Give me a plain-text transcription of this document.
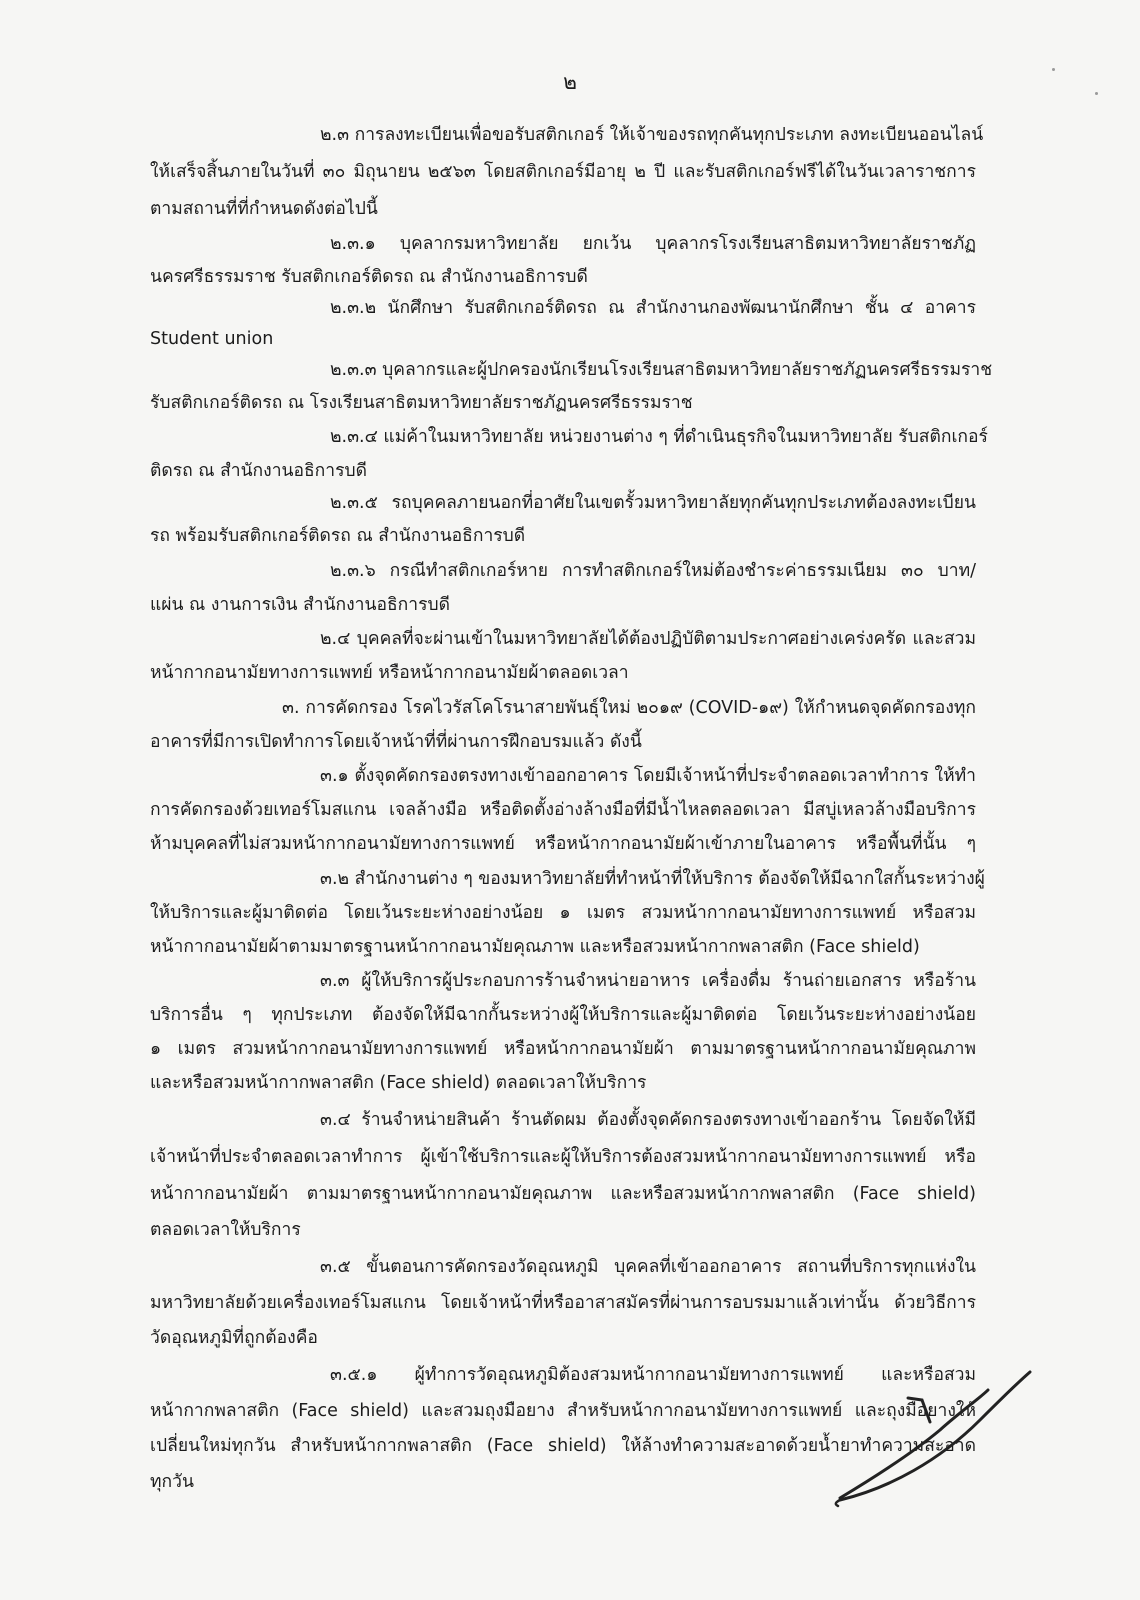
๒
๒.๓ การลงทะเบียนเพื่อขอรับสติกเกอร์ ให้เจ้าของรถทุกคันทุกประเภท ลงทะเบียนออนไลน์
ให้เสร็จสิ้นภายในวันที่ ๓๐ มิถุนายน ๒๕๖๓ โดยสติกเกอร์มีอายุ ๒ ปี และรับสติกเกอร์ฟรีได้ในวันเวลาราชการ
ตามสถานที่ที่กำหนดดังต่อไปนี้
๒.๓.๑ บุคลากรมหาวิทยาลัย ยกเว้น บุคลากรโรงเรียนสาธิตมหาวิทยาลัยราชภัฏ
นครศรีธรรมราช รับสติกเกอร์ติดรถ ณ สำนักงานอธิการบดี
๒.๓.๒ นักศึกษา รับสติกเกอร์ติดรถ ณ สำนักงานกองพัฒนานักศึกษา ชั้น ๔ อาคาร
Student union
๒.๓.๓ บุคลากรและผู้ปกครองนักเรียนโรงเรียนสาธิตมหาวิทยาลัยราชภัฏนครศรีธรรมราช
รับสติกเกอร์ติดรถ ณ โรงเรียนสาธิตมหาวิทยาลัยราชภัฏนครศรีธรรมราช
๒.๓.๔ แม่ค้าในมหาวิทยาลัย หน่วยงานต่าง ๆ ที่ดำเนินธุรกิจในมหาวิทยาลัย รับสติกเกอร์
ติดรถ ณ สำนักงานอธิการบดี
๒.๓.๕ รถบุคคลภายนอกที่อาศัยในเขตรั้วมหาวิทยาลัยทุกคันทุกประเภทต้องลงทะเบียน
รถ พร้อมรับสติกเกอร์ติดรถ ณ สำนักงานอธิการบดี
๒.๓.๖ กรณีทำสติกเกอร์หาย การทำสติกเกอร์ใหม่ต้องชำระค่าธรรมเนียม ๓๐ บาท/
แผ่น ณ งานการเงิน สำนักงานอธิการบดี
๒.๔ บุคคลที่จะผ่านเข้าในมหาวิทยาลัยได้ต้องปฏิบัติตามประกาศอย่างเคร่งครัด และสวม
หน้ากากอนามัยทางการแพทย์ หรือหน้ากากอนามัยผ้าตลอดเวลา
๓. การคัดกรอง โรคไวรัสโคโรนาสายพันธุ์ใหม่ ๒๐๑๙ (COVID-๑๙) ให้กำหนดจุดคัดกรองทุก
อาคารที่มีการเปิดทำการโดยเจ้าหน้าที่ที่ผ่านการฝึกอบรมแล้ว ดังนี้
๓.๑ ตั้งจุดคัดกรองตรงทางเข้าออกอาคาร โดยมีเจ้าหน้าที่ประจำตลอดเวลาทำการ ให้ทำ
การคัดกรองด้วยเทอร์โมสแกน เจลล้างมือ หรือติดตั้งอ่างล้างมือที่มีน้ำไหลตลอดเวลา มีสบู่เหลวล้างมือบริการ
ห้ามบุคคลที่ไม่สวมหน้ากากอนามัยทางการแพทย์ หรือหน้ากากอนามัยผ้าเข้าภายในอาคาร หรือพื้นที่นั้น ๆ
๓.๒ สำนักงานต่าง ๆ ของมหาวิทยาลัยที่ทำหน้าที่ให้บริการ ต้องจัดให้มีฉากใสกั้นระหว่างผู้
ให้บริการและผู้มาติดต่อ โดยเว้นระยะห่างอย่างน้อย ๑ เมตร สวมหน้ากากอนามัยทางการแพทย์ หรือสวม
หน้ากากอนามัยผ้าตามมาตรฐานหน้ากากอนามัยคุณภาพ และหรือสวมหน้ากากพลาสติก (Face shield)
๓.๓ ผู้ให้บริการผู้ประกอบการร้านจำหน่ายอาหาร เครื่องดื่ม ร้านถ่ายเอกสาร หรือร้าน
บริการอื่น ๆ ทุกประเภท ต้องจัดให้มีฉากกั้นระหว่างผู้ให้บริการและผู้มาติดต่อ โดยเว้นระยะห่างอย่างน้อย
๑ เมตร สวมหน้ากากอนามัยทางการแพทย์ หรือหน้ากากอนามัยผ้า ตามมาตรฐานหน้ากากอนามัยคุณภาพ
และหรือสวมหน้ากากพลาสติก (Face shield) ตลอดเวลาให้บริการ
๓.๔ ร้านจำหน่ายสินค้า ร้านตัดผม ต้องตั้งจุดคัดกรองตรงทางเข้าออกร้าน โดยจัดให้มี
เจ้าหน้าที่ประจำตลอดเวลาทำการ ผู้เข้าใช้บริการและผู้ให้บริการต้องสวมหน้ากากอนามัยทางการแพทย์ หรือ
หน้ากากอนามัยผ้า ตามมาตรฐานหน้ากากอนามัยคุณภาพ และหรือสวมหน้ากากพลาสติก (Face shield)
ตลอดเวลาให้บริการ
๓.๕ ขั้นตอนการคัดกรองวัดอุณหภูมิ บุคคลที่เข้าออกอาคาร สถานที่บริการทุกแห่งใน
มหาวิทยาลัยด้วยเครื่องเทอร์โมสแกน โดยเจ้าหน้าที่หรืออาสาสมัครที่ผ่านการอบรมมาแล้วเท่านั้น ด้วยวิธีการ
วัดอุณหภูมิที่ถูกต้องคือ
๓.๕.๑ ผู้ทำการวัดอุณหภูมิต้องสวมหน้ากากอนามัยทางการแพทย์ และหรือสวม
หน้ากากพลาสติก (Face shield) และสวมถุงมือยาง สำหรับหน้ากากอนามัยทางการแพทย์ และถุงมือยางให้
เปลี่ยนใหม่ทุกวัน สำหรับหน้ากากพลาสติก (Face shield) ให้ล้างทำความสะอาดด้วยน้ำยาทำความสะอาด
ทุกวัน
